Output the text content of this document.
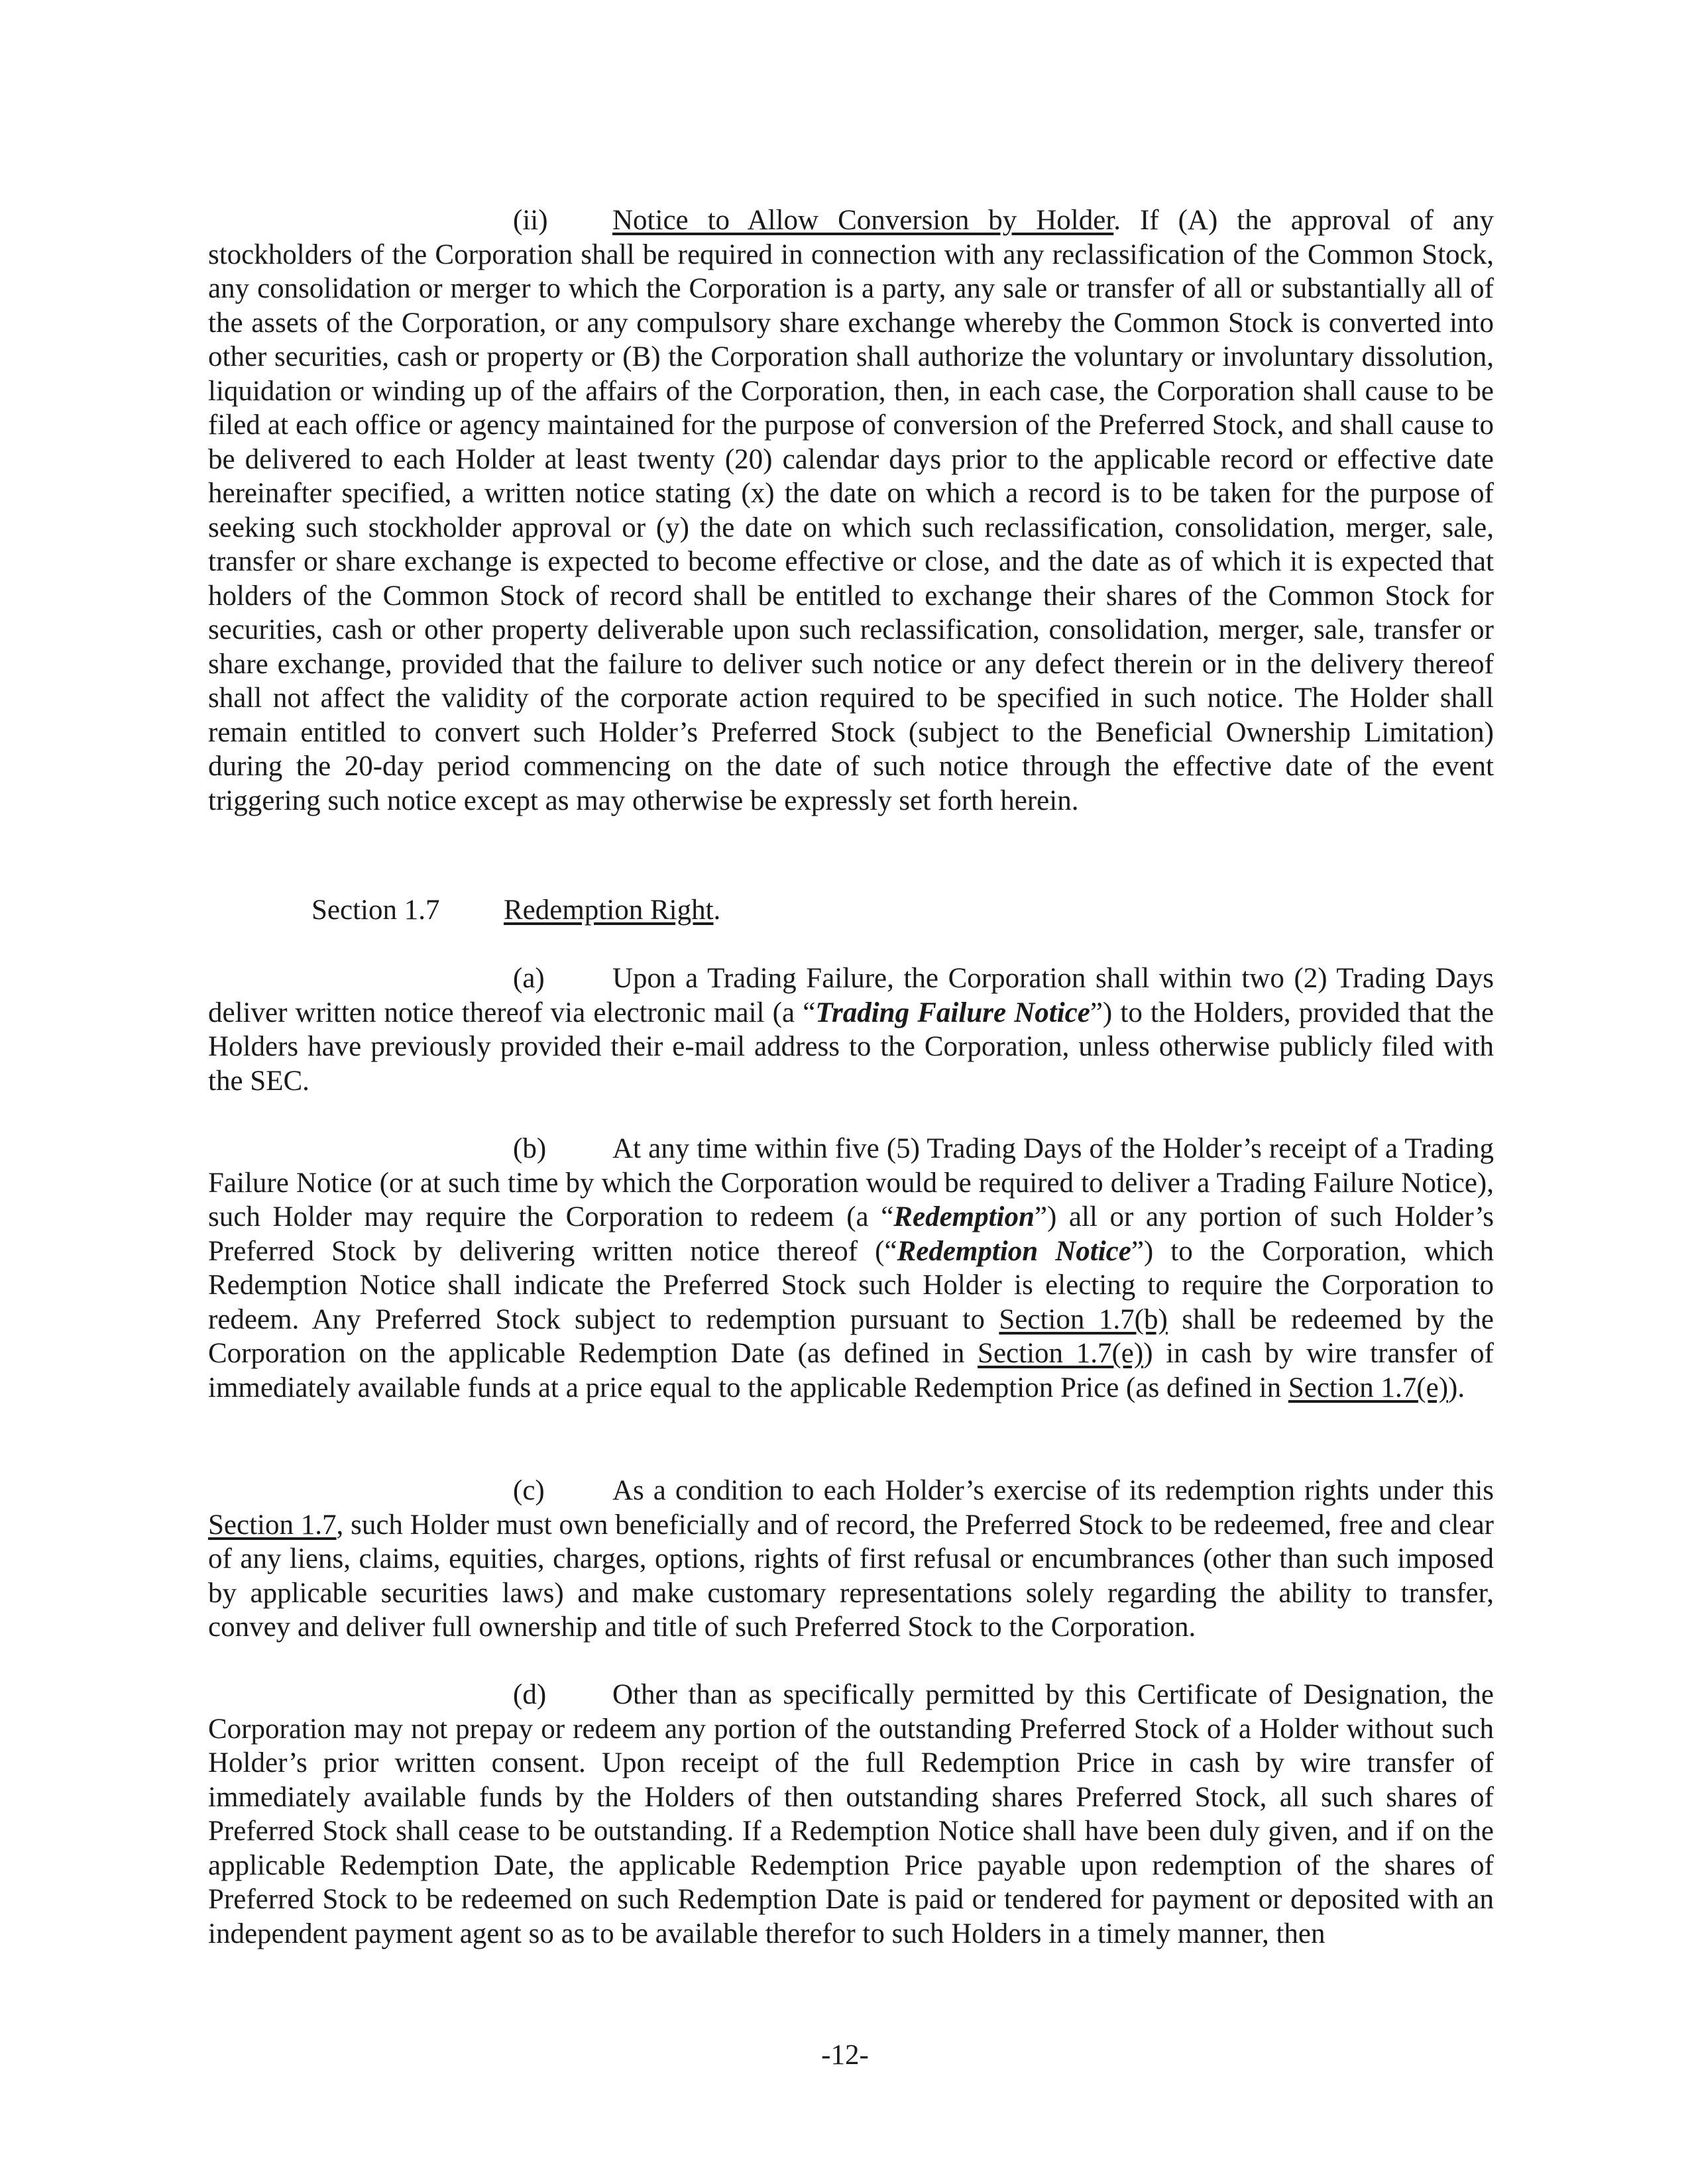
(ii) Notice to Allow Conversion by Holder. If (A) the approval of any stockholders of the Corporation shall be required in connection with any reclassification of the Common Stock, any consolidation or merger to which the Corporation is a party, any sale or transfer of all or substantially all of the assets of the Corporation, or any compulsory share exchange whereby the Common Stock is converted into other securities, cash or property or (B) the Corporation shall authorize the voluntary or involuntary dissolution, liquidation or winding up of the affairs of the Corporation, then, in each case, the Corporation shall cause to be filed at each office or agency maintained for the purpose of conversion of the Preferred Stock, and shall cause to be delivered to each Holder at least twenty (20) calendar days prior to the applicable record or effective date hereinafter specified, a written notice stating (x) the date on which a record is to be taken for the purpose of seeking such stockholder approval or (y) the date on which such reclassification, consolidation, merger, sale, transfer or share exchange is expected to become effective or close, and the date as of which it is expected that holders of the Common Stock of record shall be entitled to exchange their shares of the Common Stock for securities, cash or other property deliverable upon such reclassification, consolidation, merger, sale, transfer or share exchange, provided that the failure to deliver such notice or any defect therein or in the delivery thereof shall not affect the validity of the corporate action required to be specified in such notice. The Holder shall remain entitled to convert such Holder’s Preferred Stock (subject to the Beneficial Ownership Limitation) during the 20-day period commencing on the date of such notice through the effective date of the event triggering such notice except as may otherwise be expressly set forth herein.

Section 1.7 Redemption Right.

(a) Upon a Trading Failure, the Corporation shall within two (2) Trading Days deliver written notice thereof via electronic mail (a “Trading Failure Notice”) to the Holders, provided that the Holders have previously provided their e-mail address to the Corporation, unless otherwise publicly filed with the SEC.

(b) At any time within five (5) Trading Days of the Holder’s receipt of a Trading Failure Notice (or at such time by which the Corporation would be required to deliver a Trading Failure Notice), such Holder may require the Corporation to redeem (a “Redemption”) all or any portion of such Holder’s Preferred Stock by delivering written notice thereof (“Redemption Notice”) to the Corporation, which Redemption Notice shall indicate the Preferred Stock such Holder is electing to require the Corporation to redeem. Any Preferred Stock subject to redemption pursuant to Section 1.7(b) shall be redeemed by the Corporation on the applicable Redemption Date (as defined in Section 1.7(e)) in cash by wire transfer of immediately available funds at a price equal to the applicable Redemption Price (as defined in Section 1.7(e)).

(c) As a condition to each Holder’s exercise of its redemption rights under this Section 1.7, such Holder must own beneficially and of record, the Preferred Stock to be redeemed, free and clear of any liens, claims, equities, charges, options, rights of first refusal or encumbrances (other than such imposed by applicable securities laws) and make customary representations solely regarding the ability to transfer, convey and deliver full ownership and title of such Preferred Stock to the Corporation.

(d) Other than as specifically permitted by this Certificate of Designation, the Corporation may not prepay or redeem any portion of the outstanding Preferred Stock of a Holder without such Holder’s prior written consent. Upon receipt of the full Redemption Price in cash by wire transfer of immediately available funds by the Holders of then outstanding shares Preferred Stock, all such shares of Preferred Stock shall cease to be outstanding. If a Redemption Notice shall have been duly given, and if on the applicable Redemption Date, the applicable Redemption Price payable upon redemption of the shares of Preferred Stock to be redeemed on such Redemption Date is paid or tendered for payment or deposited with an independent payment agent so as to be available therefor to such Holders in a timely manner, then

-12-
